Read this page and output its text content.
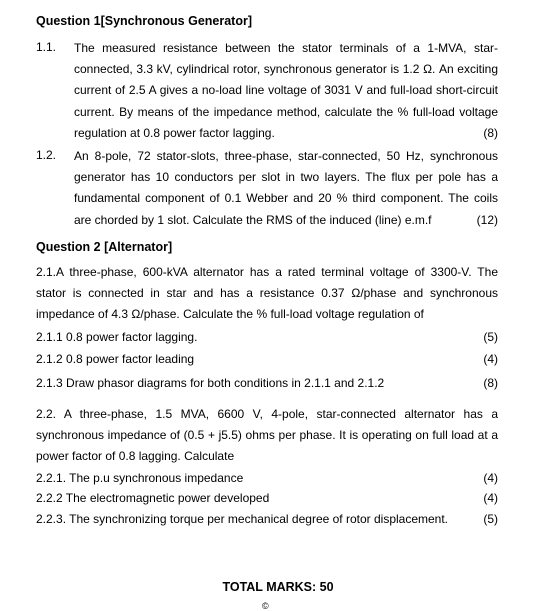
Question 1[Synchronous Generator]
1.1. The measured resistance between the stator terminals of a 1-MVA, star-connected, 3.3 kV, cylindrical rotor, synchronous generator is 1.2 Ω. An exciting current of 2.5 A gives a no-load line voltage of 3031 V and full-load short-circuit current. By means of the impedance method, calculate the % full-load voltage regulation at 0.8 power factor lagging.	(8)
1.2. An 8-pole, 72 stator-slots, three-phase, star-connected, 50 Hz, synchronous generator has 10 conductors per slot in two layers. The flux per pole has a fundamental component of 0.1 Webber and 20 % third component. The coils are chorded by 1 slot. Calculate the RMS of the induced (line) e.m.f	(12)
Question 2 [Alternator]
2.1.A three-phase, 600-kVA alternator has a rated terminal voltage of 3300-V. The stator is connected in star and has a resistance 0.37 Ω/phase and synchronous impedance of 4.3 Ω/phase. Calculate the % full-load voltage regulation of
2.1.1 0.8 power factor lagging.	(5)
2.1.2 0.8 power factor leading	(4)
2.1.3 Draw phasor diagrams for both conditions in 2.1.1 and 2.1.2	(8)
2.2. A three-phase, 1.5 MVA, 6600 V, 4-pole, star-connected alternator has a synchronous impedance of (0.5 + j5.5) ohms per phase. It is operating on full load at a power factor of 0.8 lagging. Calculate
2.2.1. The p.u synchronous impedance	(4)
2.2.2 The electromagnetic power developed	(4)
2.2.3. The synchronizing torque per mechanical degree of rotor displacement.	(5)
TOTAL MARKS: 50
©
